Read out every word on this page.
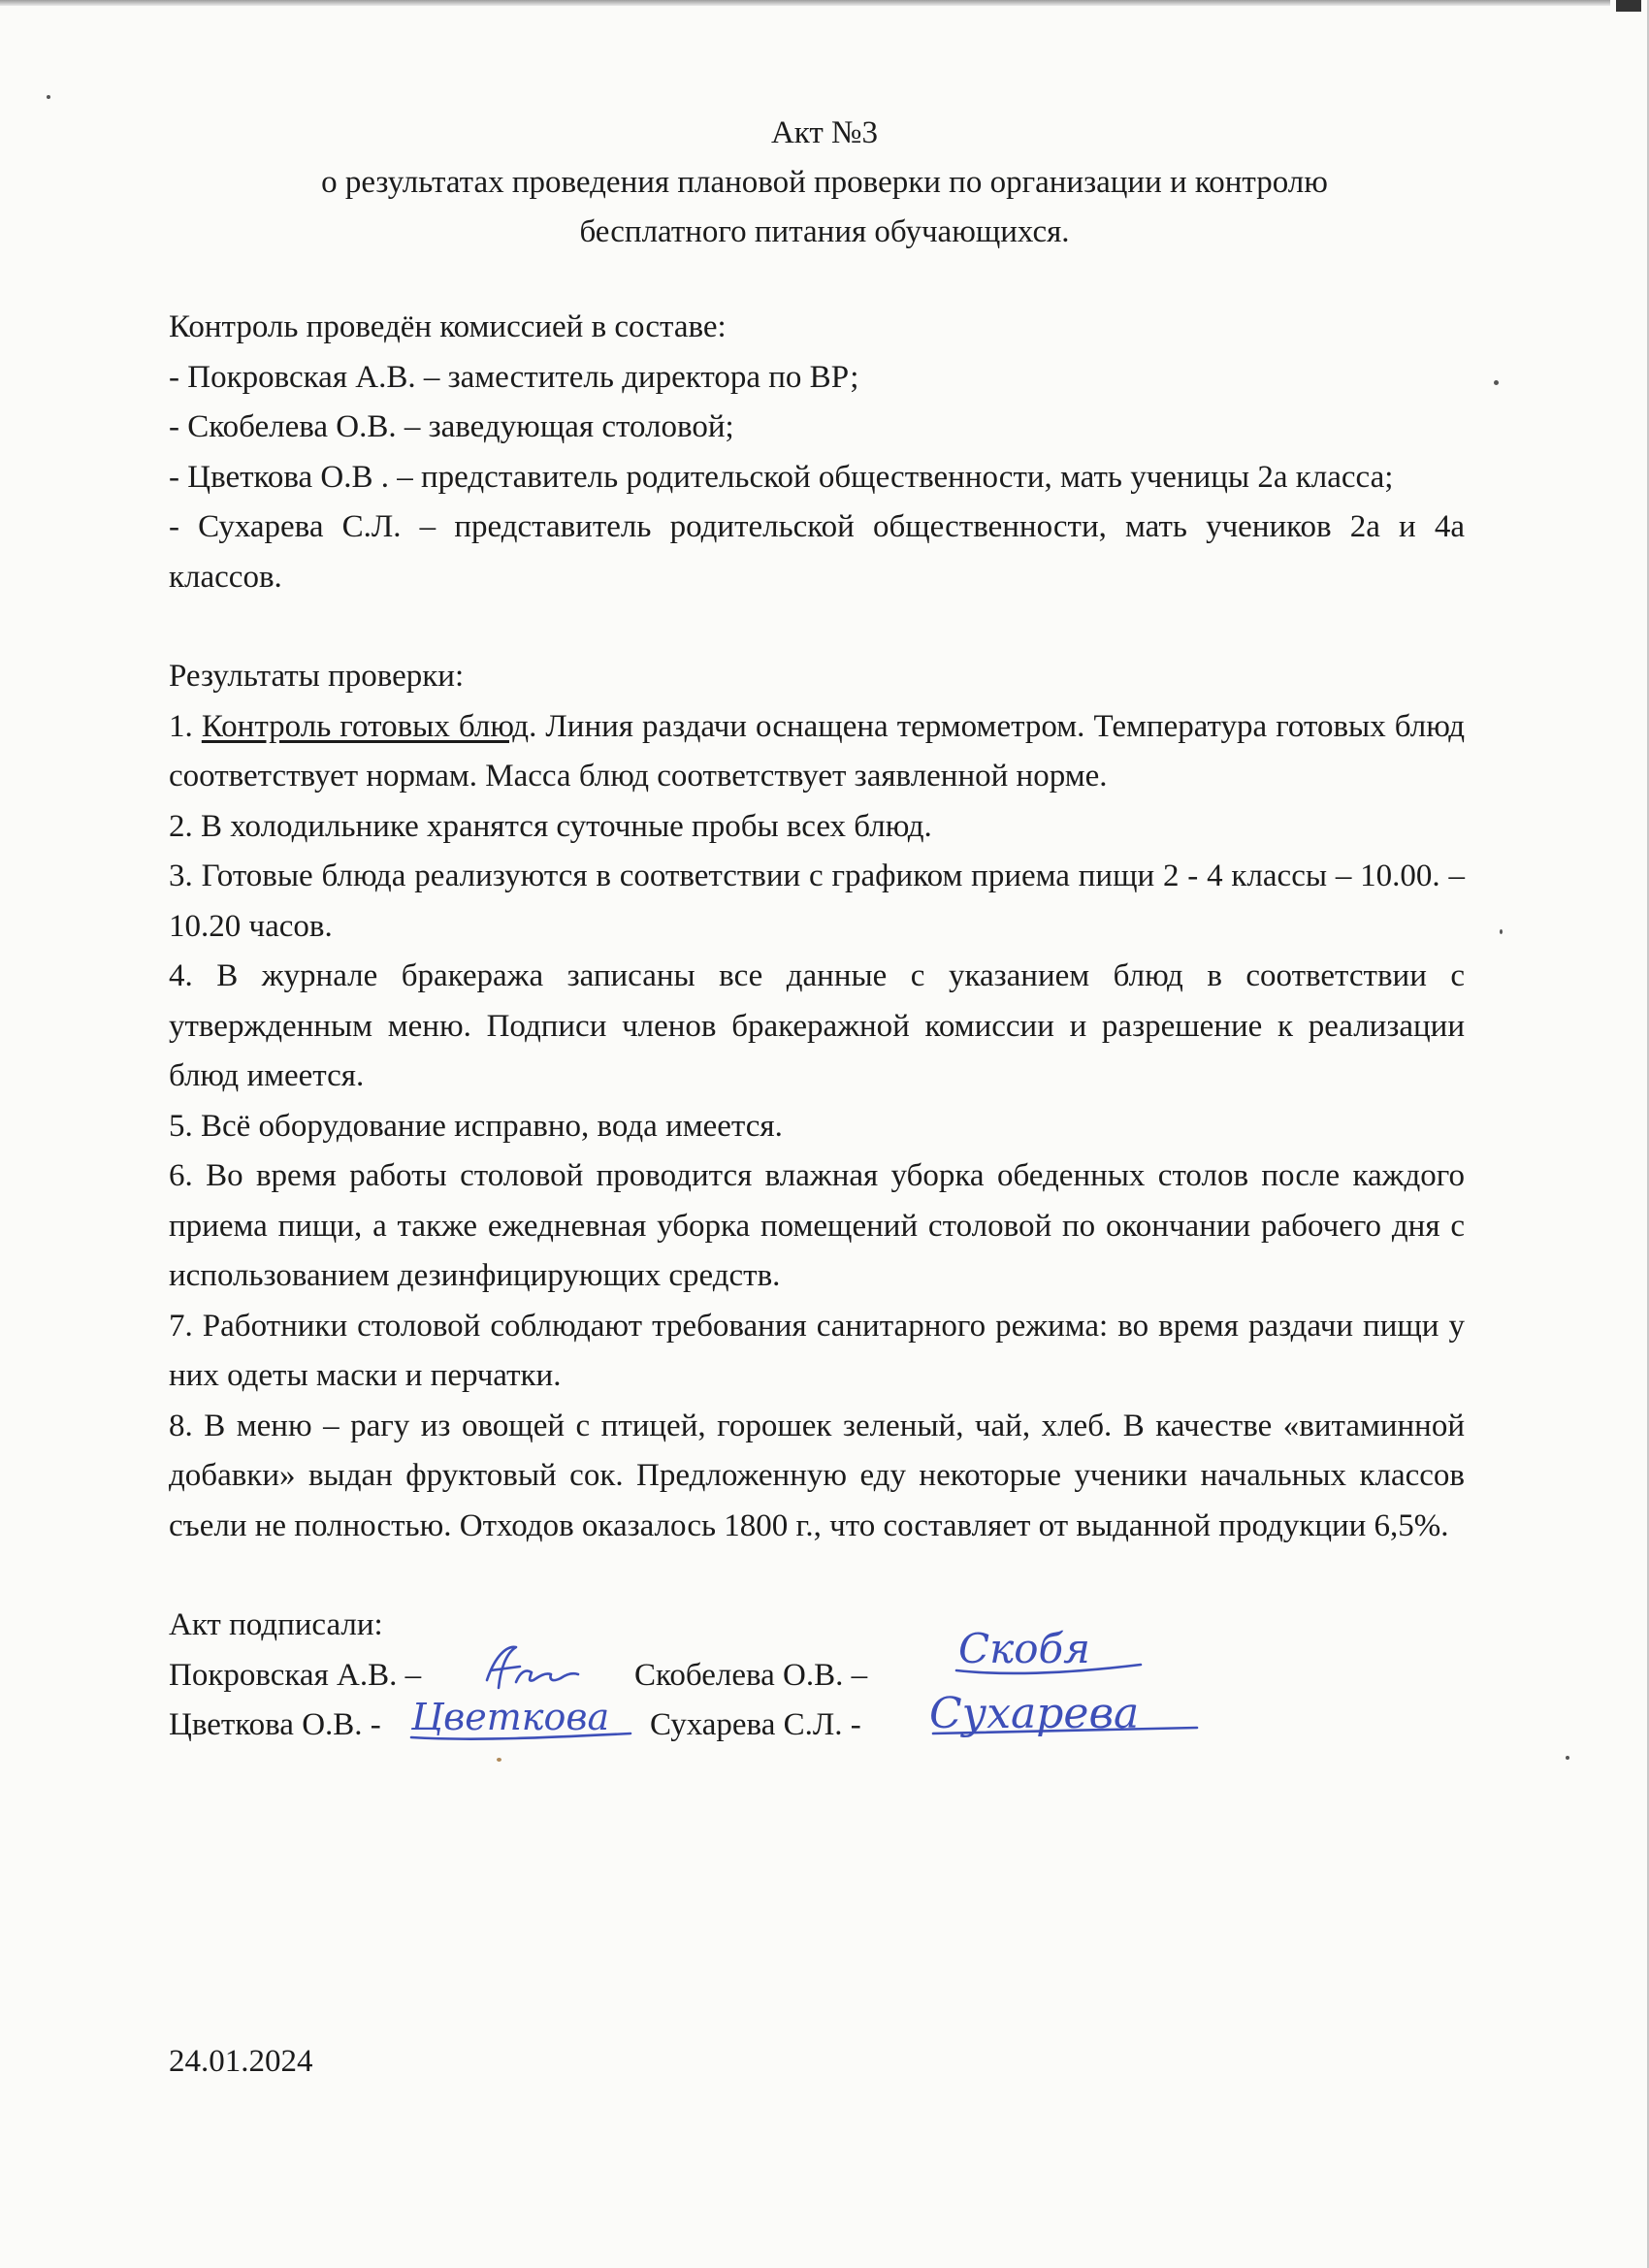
Акт №3
о результатах проведения плановой проверки по организации и контролю
бесплатного питания обучающихся.

Контроль проведён комиссией в составе:

- Покровская А.В. – заместитель директора по ВР;

- Скобелева О.В. – заведующая столовой;

- Цветкова О.В . – представитель родительской общественности, мать ученицы 2а класса;

- Сухарева С.Л. – представитель родительской общественности, мать учеников 2а и 4а классов.

Результаты проверки:

1. Контроль готовых блюд. Линия раздачи оснащена термометром. Температура готовых блюд соответствует нормам. Масса блюд соответствует заявленной норме.

2. В холодильнике хранятся суточные пробы всех блюд.

3. Готовые блюда реализуются в соответствии с графиком приема пищи 2 - 4 классы – 10.00. – 10.20 часов.

4. В журнале бракеража записаны все данные с указанием блюд в соответствии с утвержденным меню. Подписи членов бракеражной комиссии и разрешение к реализации блюд имеется.

5. Всё оборудование исправно, вода имеется.

6. Во время работы столовой проводится влажная уборка обеденных столов после каждого приема пищи, а также ежедневная уборка помещений столовой по окончании рабочего дня с использованием дезинфицирующих средств.

7. Работники столовой соблюдают требования санитарного режима: во время раздачи пищи у них одеты маски и перчатки.

8. В меню – рагу из овощей с птицей, горошек зеленый, чай, хлеб. В качестве «витаминной добавки» выдан фруктовый сок. Предложенную еду некоторые ученики начальных классов съели не полностью. Отходов оказалось 1800 г., что составляет от выданной продукции 6,5%.

Акт подписали:

Покровская А.В. –	Скобелева О.В. –
Скобя
Цветкова О.В. - Цветкова Сухарева С.Л. - Сухарева
24.01.2024
